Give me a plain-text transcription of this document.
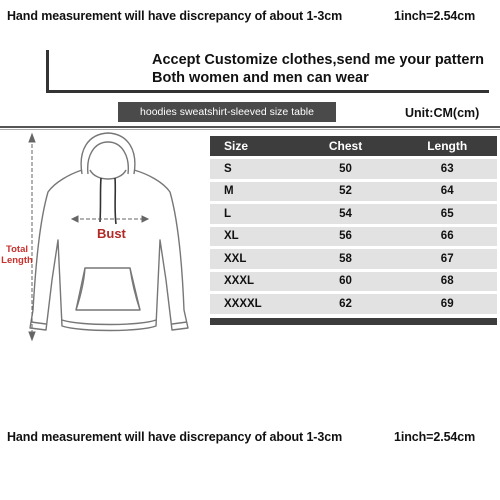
Hand measurement will have discrepancy of about 1-3cm	1inch=2.54cm
Accept Customize clothes,send me your pattern
Both women and men can wear
hoodies sweatshirt-sleeved size table	Unit:CM(cm)
Bust
Total
Length
Size	Chest	Length
S	50	63
M	52	64
L	54	65
XL	56	66
XXL	58	67
XXXL	60	68
XXXXL	62	69
Hand measurement will have discrepancy of about 1-3cm	1inch=2.54cm
